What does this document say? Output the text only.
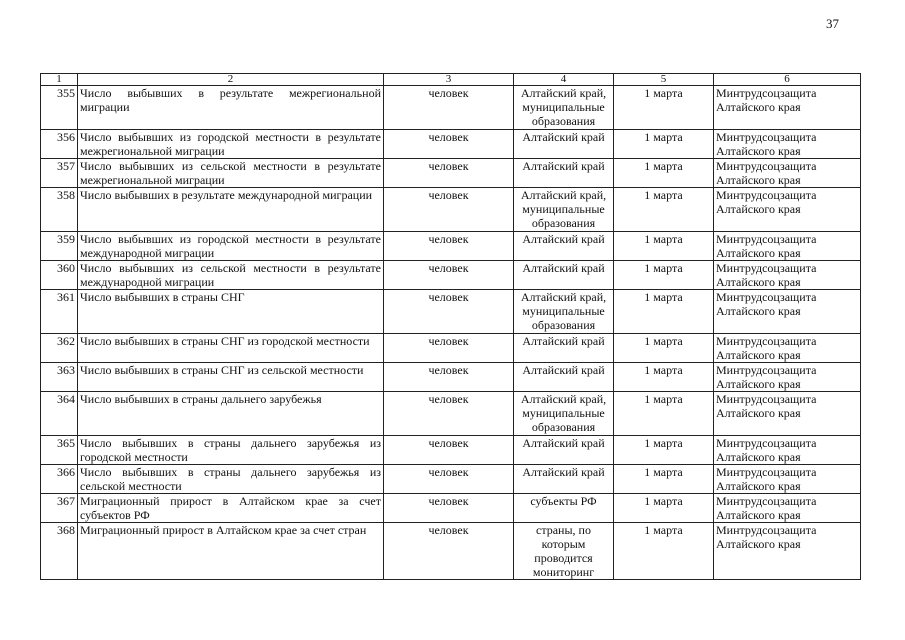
37
1	2	3	4	5	6
355	Число выбывших в результате межрегиональной миграции	человек	Алтайский край, муниципальные образования	1 марта	Минтрудсоцзащита Алтайского края
356	Число выбывших из городской местности в результате межрегиональной миграции	человек	Алтайский край	1 марта	Минтрудсоцзащита Алтайского края
357	Число выбывших из сельской местности в результате межрегиональной миграции	человек	Алтайский край	1 марта	Минтрудсоцзащита Алтайского края
358	Число выбывших в результате международной миграции	человек	Алтайский край, муниципальные образования	1 марта	Минтрудсоцзащита Алтайского края
359	Число выбывших из городской местности в результате международной миграции	человек	Алтайский край	1 марта	Минтрудсоцзащита Алтайского края
360	Число выбывших из сельской местности в результате международной миграции	человек	Алтайский край	1 марта	Минтрудсоцзащита Алтайского края
361	Число выбывших в страны СНГ	человек	Алтайский край, муниципальные образования	1 марта	Минтрудсоцзащита Алтайского края
362	Число выбывших в страны СНГ из городской местности	человек	Алтайский край	1 марта	Минтрудсоцзащита Алтайского края
363	Число выбывших в страны СНГ из сельской местности	человек	Алтайский край	1 марта	Минтрудсоцзащита Алтайского края
364	Число выбывших в страны дальнего зарубежья	человек	Алтайский край, муниципальные образования	1 марта	Минтрудсоцзащита Алтайского края
365	Число выбывших в страны дальнего зарубежья из городской местности	человек	Алтайский край	1 марта	Минтрудсоцзащита Алтайского края
366	Число выбывших в страны дальнего зарубежья из сельской местности	человек	Алтайский край	1 марта	Минтрудсоцзащита Алтайского края
367	Миграционный прирост в Алтайском крае за счет субъектов РФ	человек	субъекты РФ	1 марта	Минтрудсоцзащита Алтайского края
368	Миграционный прирост в Алтайском крае за счет стран	человек	страны, по которым проводится мониторинг	1 марта	Минтрудсоцзащита Алтайского края
